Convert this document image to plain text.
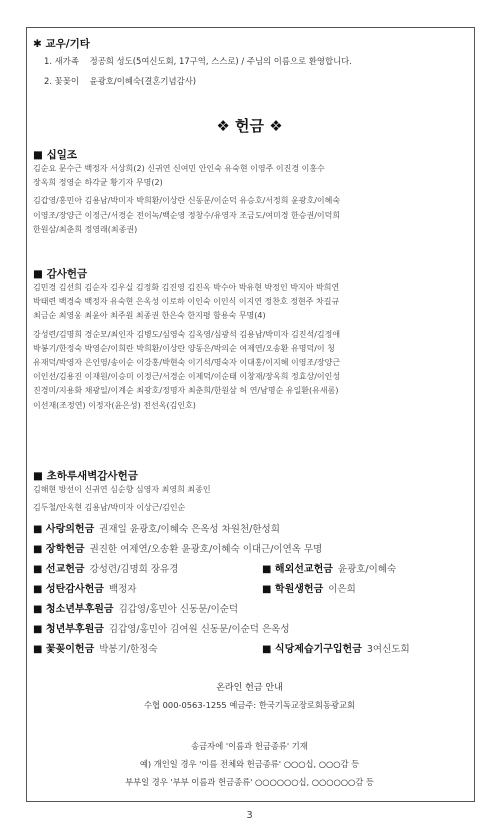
✱ 교우/기타
1. 새가족 정공희 성도(5여신도회, 17구역, 스스로) / 주님의 이름으로 환영합니다.
2. 꽃꽂이 윤광호/이혜숙(결혼기념감사)
❖ 헌금 ❖
■ 십일조
김순요 문수근 백정자 서상희(2) 신귀연 신여민 안인숙 유숙현 이영주 이진경 이홍수
장옥희 정영순 하각균 황기자 무명(2)
김갑영/홍민아 김용남/박미자 박희환/이상란 신동문/이순덕 유승호/서정희 윤광호/이혜숙
이영조/장양근 이정근/서경순 전이녹/백순영 정창수/유영자 조금도/여미경 한승권/이덕희
한원삼/최춘희 정영래(최종권)
■ 감사헌금
김민경 김선희 김순자 김우실 김정화 김진영 김진옥 박수아 박유현 박정인 박지아 박희연
박태련 백경숙 백정자 유숙현 은옥성 이로하 이인숙 이인식 이지연 정찬호 정현주 차길규
최금순 최영웅 최윤아 최주원 최종권 한은숙 한지평 함용숙 무명(4)
강성련/김명희 경순모/최인자 김병도/심영숙 김옥영/심광석 김용남/박미자 김진석/김정애
박봉기/한정숙 박영순/이희란 박희환/이상란 양동은/박의순 여제연/오송환 유명덕/이 청
유재덕/박영자 은인영/송이순 이강홍/박현숙 이기석/명숙자 이대홍/이지혜 이영조/장양근
이인선/김용진 이재원/이승미 이정근/서경순 이제덕/이순태 이창재/장옥희 정효상/이인성
진경미/지용화 채광일/이계순 최광호/정명자 최춘희/한원삼 허 연/남명순 유일환(유새롬)
이선재(조정연) 이정자(윤은성) 전선옥(김인호)
■ 초하루새벽감사헌금
김해현 방선이 신귀연 심순향 심영자 최영희 최종인
김두철/안옥현 김용남/박미자 이상근/김인순
■ 사랑의헌금 권재일 윤광호/이혜숙 은옥성 차원천/한성희
■ 장학헌금 권진한 여제연/오송환 윤광호/이혜숙 이대근/이연옥 무명
■ 선교헌금 강성련/김명희 장유경	■ 해외선교헌금 윤광호/이혜숙
■ 성탄감사헌금 백정자	■ 학원생헌금 이은희
■ 청소년부후원금 김갑영/홍민아 신동문/이순덕
■ 청년부후원금 김갑영/홍민아 김여원 신동문/이순덕 은옥성
■ 꽃꽂이헌금 박봉기/한정숙	■ 식당제습기구입헌금 3여신도회
온라인 헌금 안내
수협 000-0563-1255 예금주: 한국기독교장로회동광교회
송금자에 '이름과 헌금종류' 기재
예) 개인일 경우 '이름 전체와 헌금종류' ○○○십, ○○○감 등
부부일 경우 '부부 이름과 헌금종류' ○○○○○○십, ○○○○○○감 등
3
